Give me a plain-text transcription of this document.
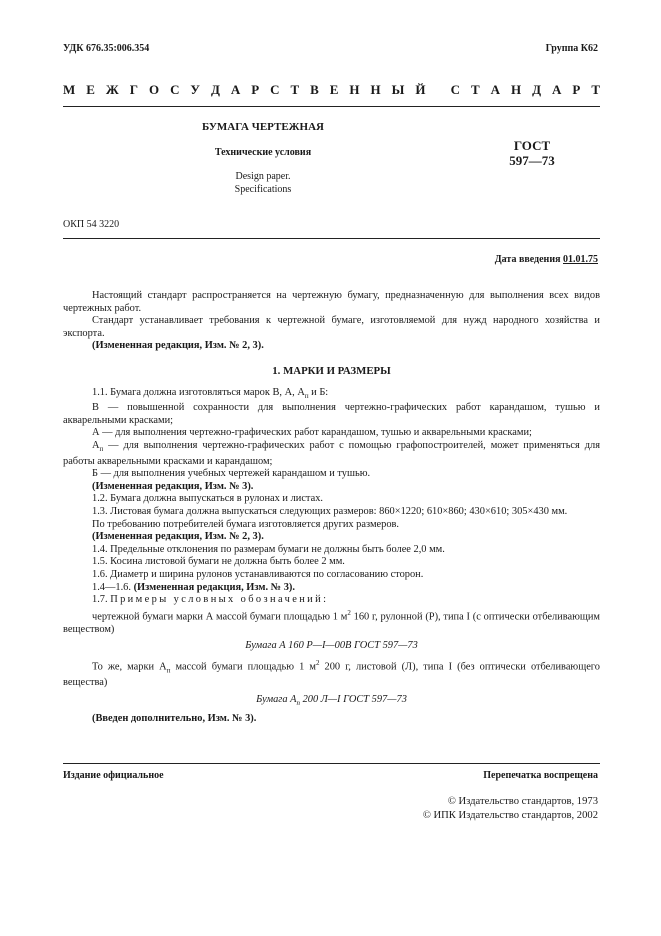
УДК 676.35:006.354	Группа К62
М Е Ж Г О С У Д А Р С Т В Е Н Н Ы Й
С Т А Н Д А Р Т
БУМАГА ЧЕРТЕЖНАЯ
Технические условия
Design paper.
Specifications
ГОСТ
597—73
ОКП 54 3220
Дата введения 01.01.75

Настоящий стандарт распространяется на чертежную бумагу, предназначенную для выполнения всех видов чертежных работ.

Стандарт устанавливает требования к чертежной бумаге, изготовляемой для нужд народного хозяйства и экспорта.

(Измененная редакция, Изм. № 2, 3).

1. МАРКИ И РАЗМЕРЫ

1.1. Бумага должна изготовляться марок В, А, $А_п$ и Б:

В — повышенной сохранности для выполнения чертежно-графических работ карандашом, тушью и акварельными красками;

А — для выполнения чертежно-графических работ карандашом, тушью и акварельными красками;

$А_п$ — для выполнения чертежно-графических работ с помощью графопостроителей, может применяться для работы акварельными красками и карандашом;

Б — для выполнения учебных чертежей карандашом и тушью.

(Измененная редакция, Изм. № 3).

1.2. Бумага должна выпускаться в рулонах и листах.

1.3. Листовая бумага должна выпускаться следующих размеров: 860×1220; 610×860; 430×610; 305×430 мм.

По требованию потребителей бумага изготовляется других размеров.

(Измененная редакция, Изм. № 2, 3).

1.4. Предельные отклонения по размерам бумаги не должны быть более 2,0 мм.

1.5. Косина листовой бумаги не должна быть более 2 мм.

1.6. Диаметр и ширина рулонов устанавливаются по согласованию сторон.

1.4—1.6. (Измененная редакция, Изм. № 3).

1.7. Примеры условных обозначений:

чертежной бумаги марки А массой бумаги площадью 1 $м^2$ 160 г, рулонной (Р), типа I (с оптически отбеливающим веществом)

Бумага А 160 Р—I—00В ГОСТ 597—73

То же, марки $А_п$ массой бумаги площадью 1 $м^2$ 200 г, листовой (Л), типа I (без оптически отбеливающего вещества)

Бумага $А_п$ 200 Л—I ГОСТ 597—73

(Введен дополнительно, Изм. № 3).

Издание официальное	Перепечатка воспрещена
© Издательство стандартов, 1973
© ИПК Издательство стандартов, 2002
